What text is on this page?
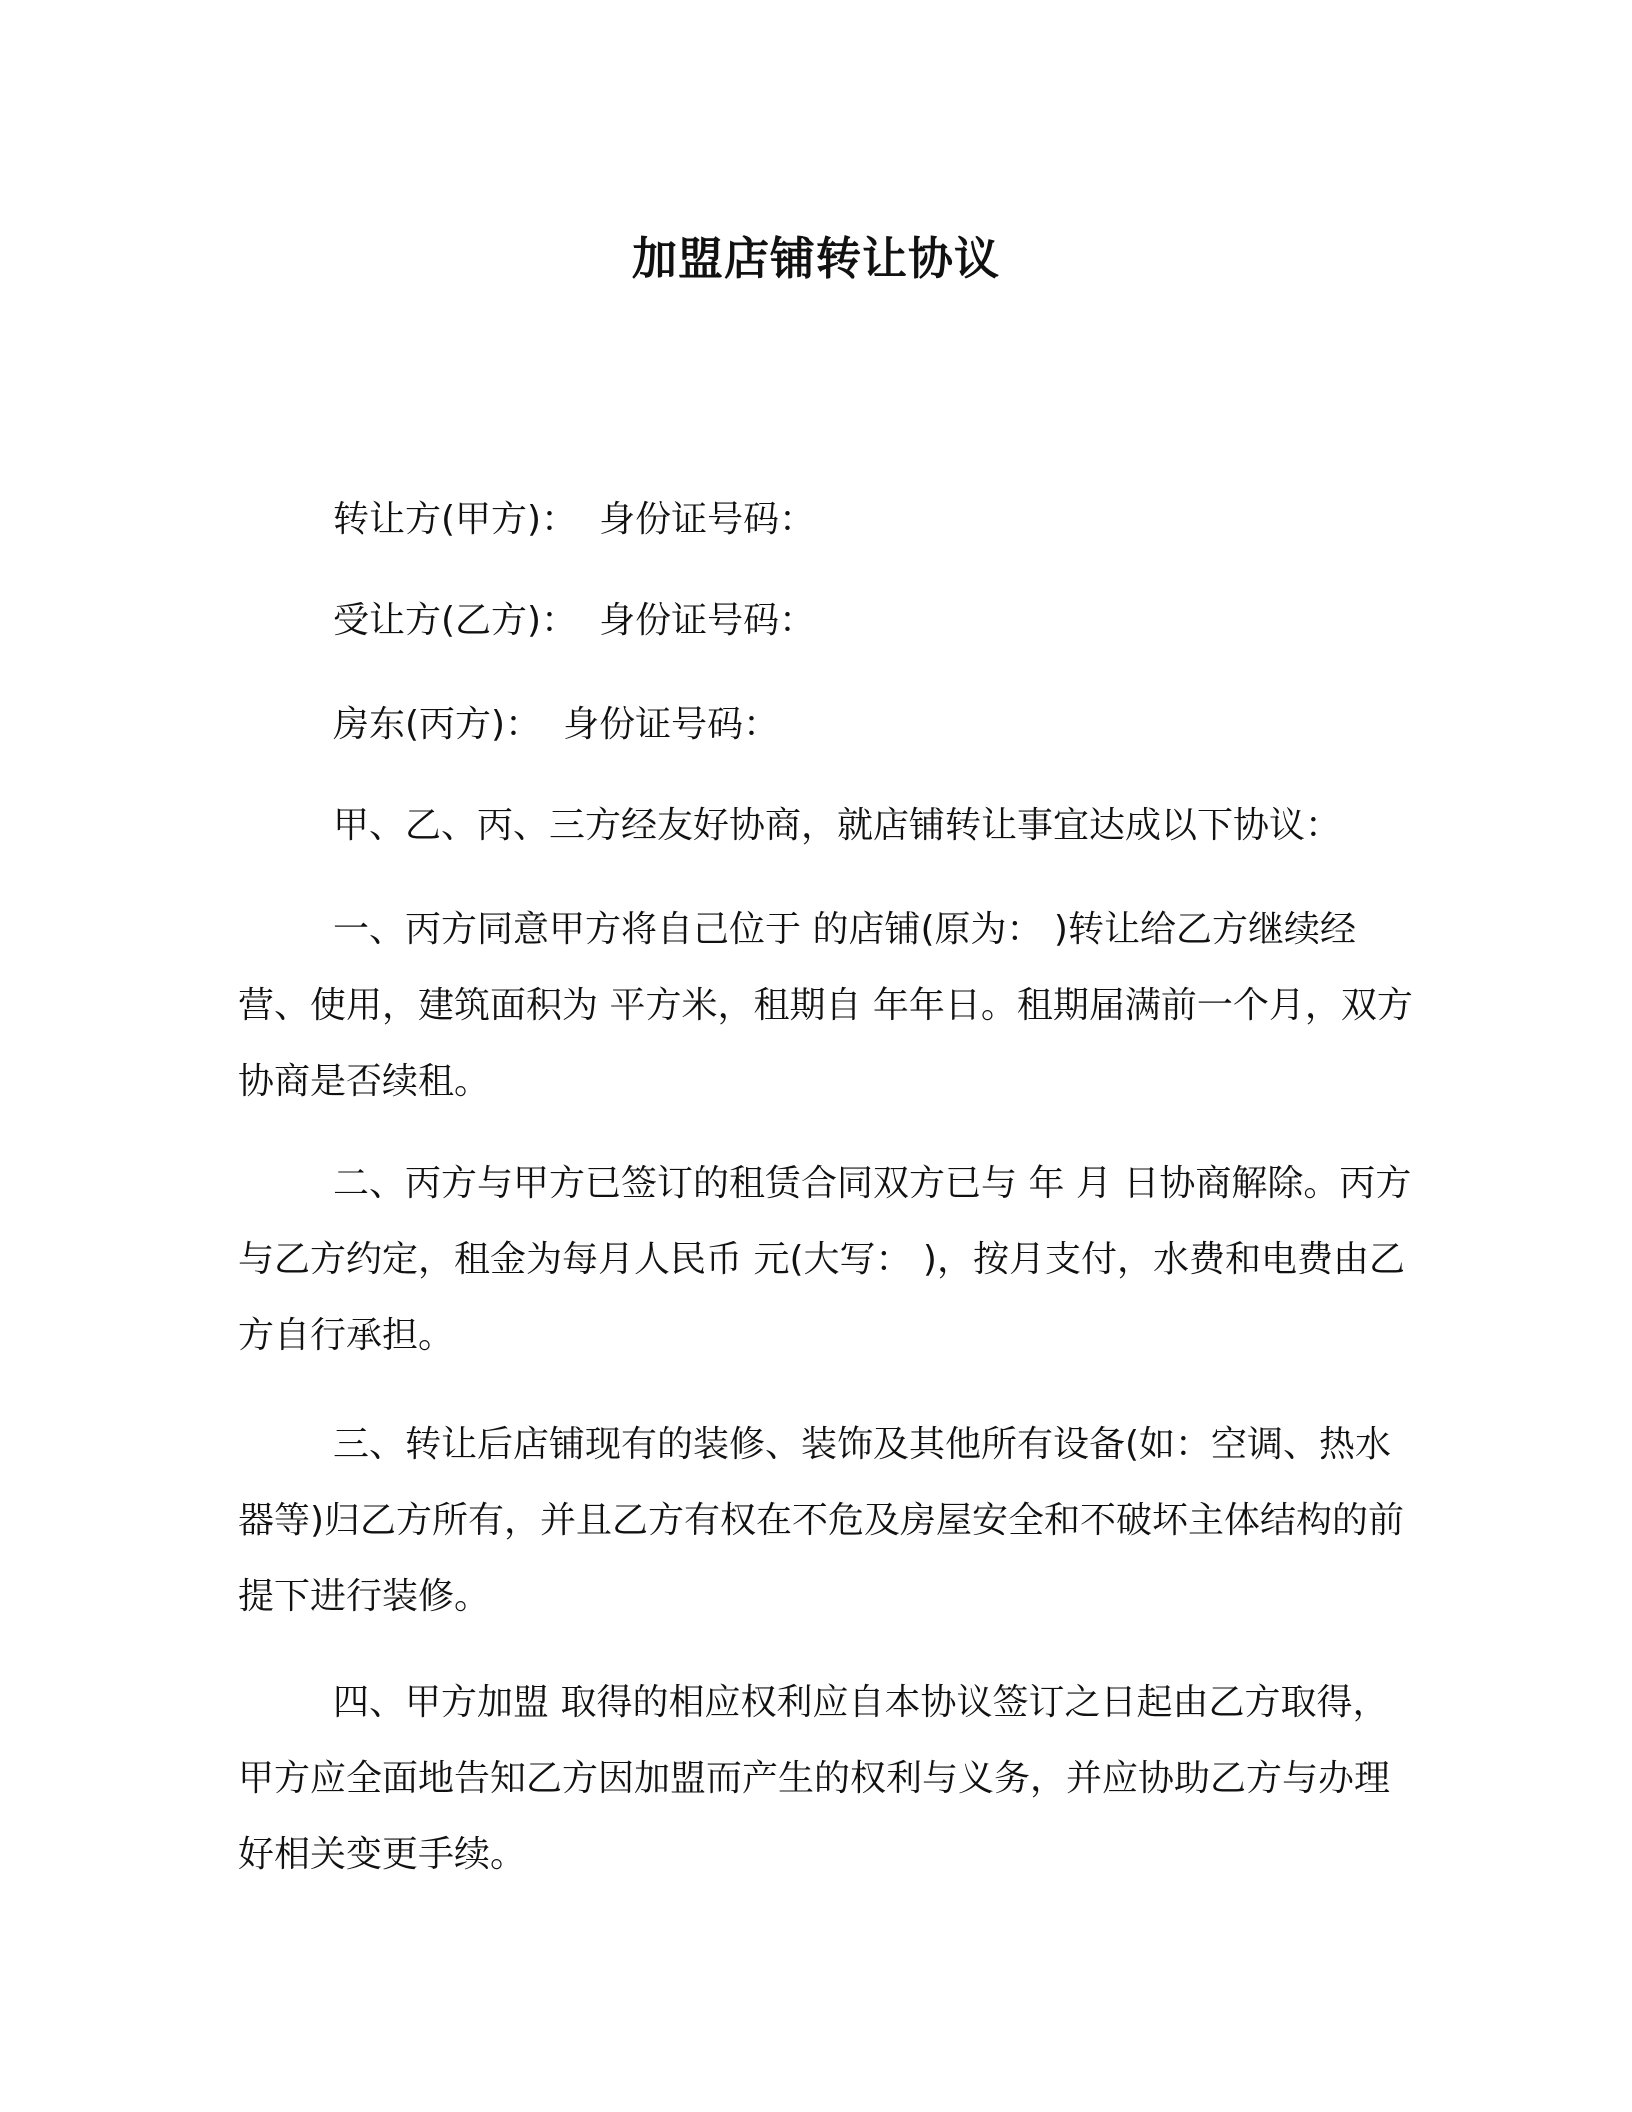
加盟店铺转让协议
转让方(甲方)： 身份证号码：
受让方(乙方)： 身份证号码：
房东(丙方)： 身份证号码：
甲、乙、丙、三方经友好协商，就店铺转让事宜达成以下协议：
一、丙方同意甲方将自己位于 的店铺(原为： )转让给乙方继续经营、使用，建筑面积为 平方米，租期自 年年日。租期届满前一个月，双方协商是否续租。
二、丙方与甲方已签订的租赁合同双方已与 年 月 日协商解除。丙方与乙方约定，租金为每月人民币 元(大写： )，按月支付，水费和电费由乙方自行承担。
三、转让后店铺现有的装修、装饰及其他所有设备(如：空调、热水器等)归乙方所有，并且乙方有权在不危及房屋安全和不破坏主体结构的前提下进行装修。
四、甲方加盟 取得的相应权利应自本协议签订之日起由乙方取得，甲方应全面地告知乙方因加盟而产生的权利与义务，并应协助乙方与办理好相关变更手续。
